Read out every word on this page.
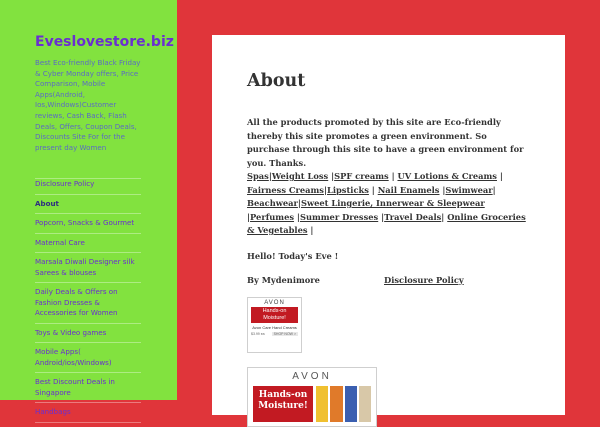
Eveslovestore.biz

Best Eco-friendly Black Friday & Cyber Monday offers, Price Comparison, Mobile Apps(Android, Ios,Windows)Customer reviews, Cash Back, Flash Deals, Offers, Coupon Deals, Discounts Site For for the present day Women

Disclosure Policy
About
Popcorn, Snacks & Gourmet
Maternal Care
Marsala Diwali Designer silk Sarees & blouses
Daily Deals & Offers on Fashion Dresses & Accessories for Women
Toys & Video games
Mobile Apps( Android/ios/Windows)
Best Discount Deals in Singapore
Handbags
About
All the products promoted by this site are Eco-friendly thereby this site promotes a green environment. So purchase through this site to have a green environment for you. Thanks.
Spas|Weight Loss |SPF creams | UV Lotions & Creams | Fairness Creams|Lipsticks | Nail Enamels |Swimwear| Beachwear|Sweet Lingerie, Innerwear & Sleepwear |Perfumes |Summer Dresses |Travel Deals| Online Groceries & Vegetables |

Hello! Today's Eve !

By Mydenimore	Disclosure Policy
AVON
Hands-on Moisture!
Avon Care Hand Creams
$3.99 ea	SHOP NOW >
AVON
Hands-on Moisture!
